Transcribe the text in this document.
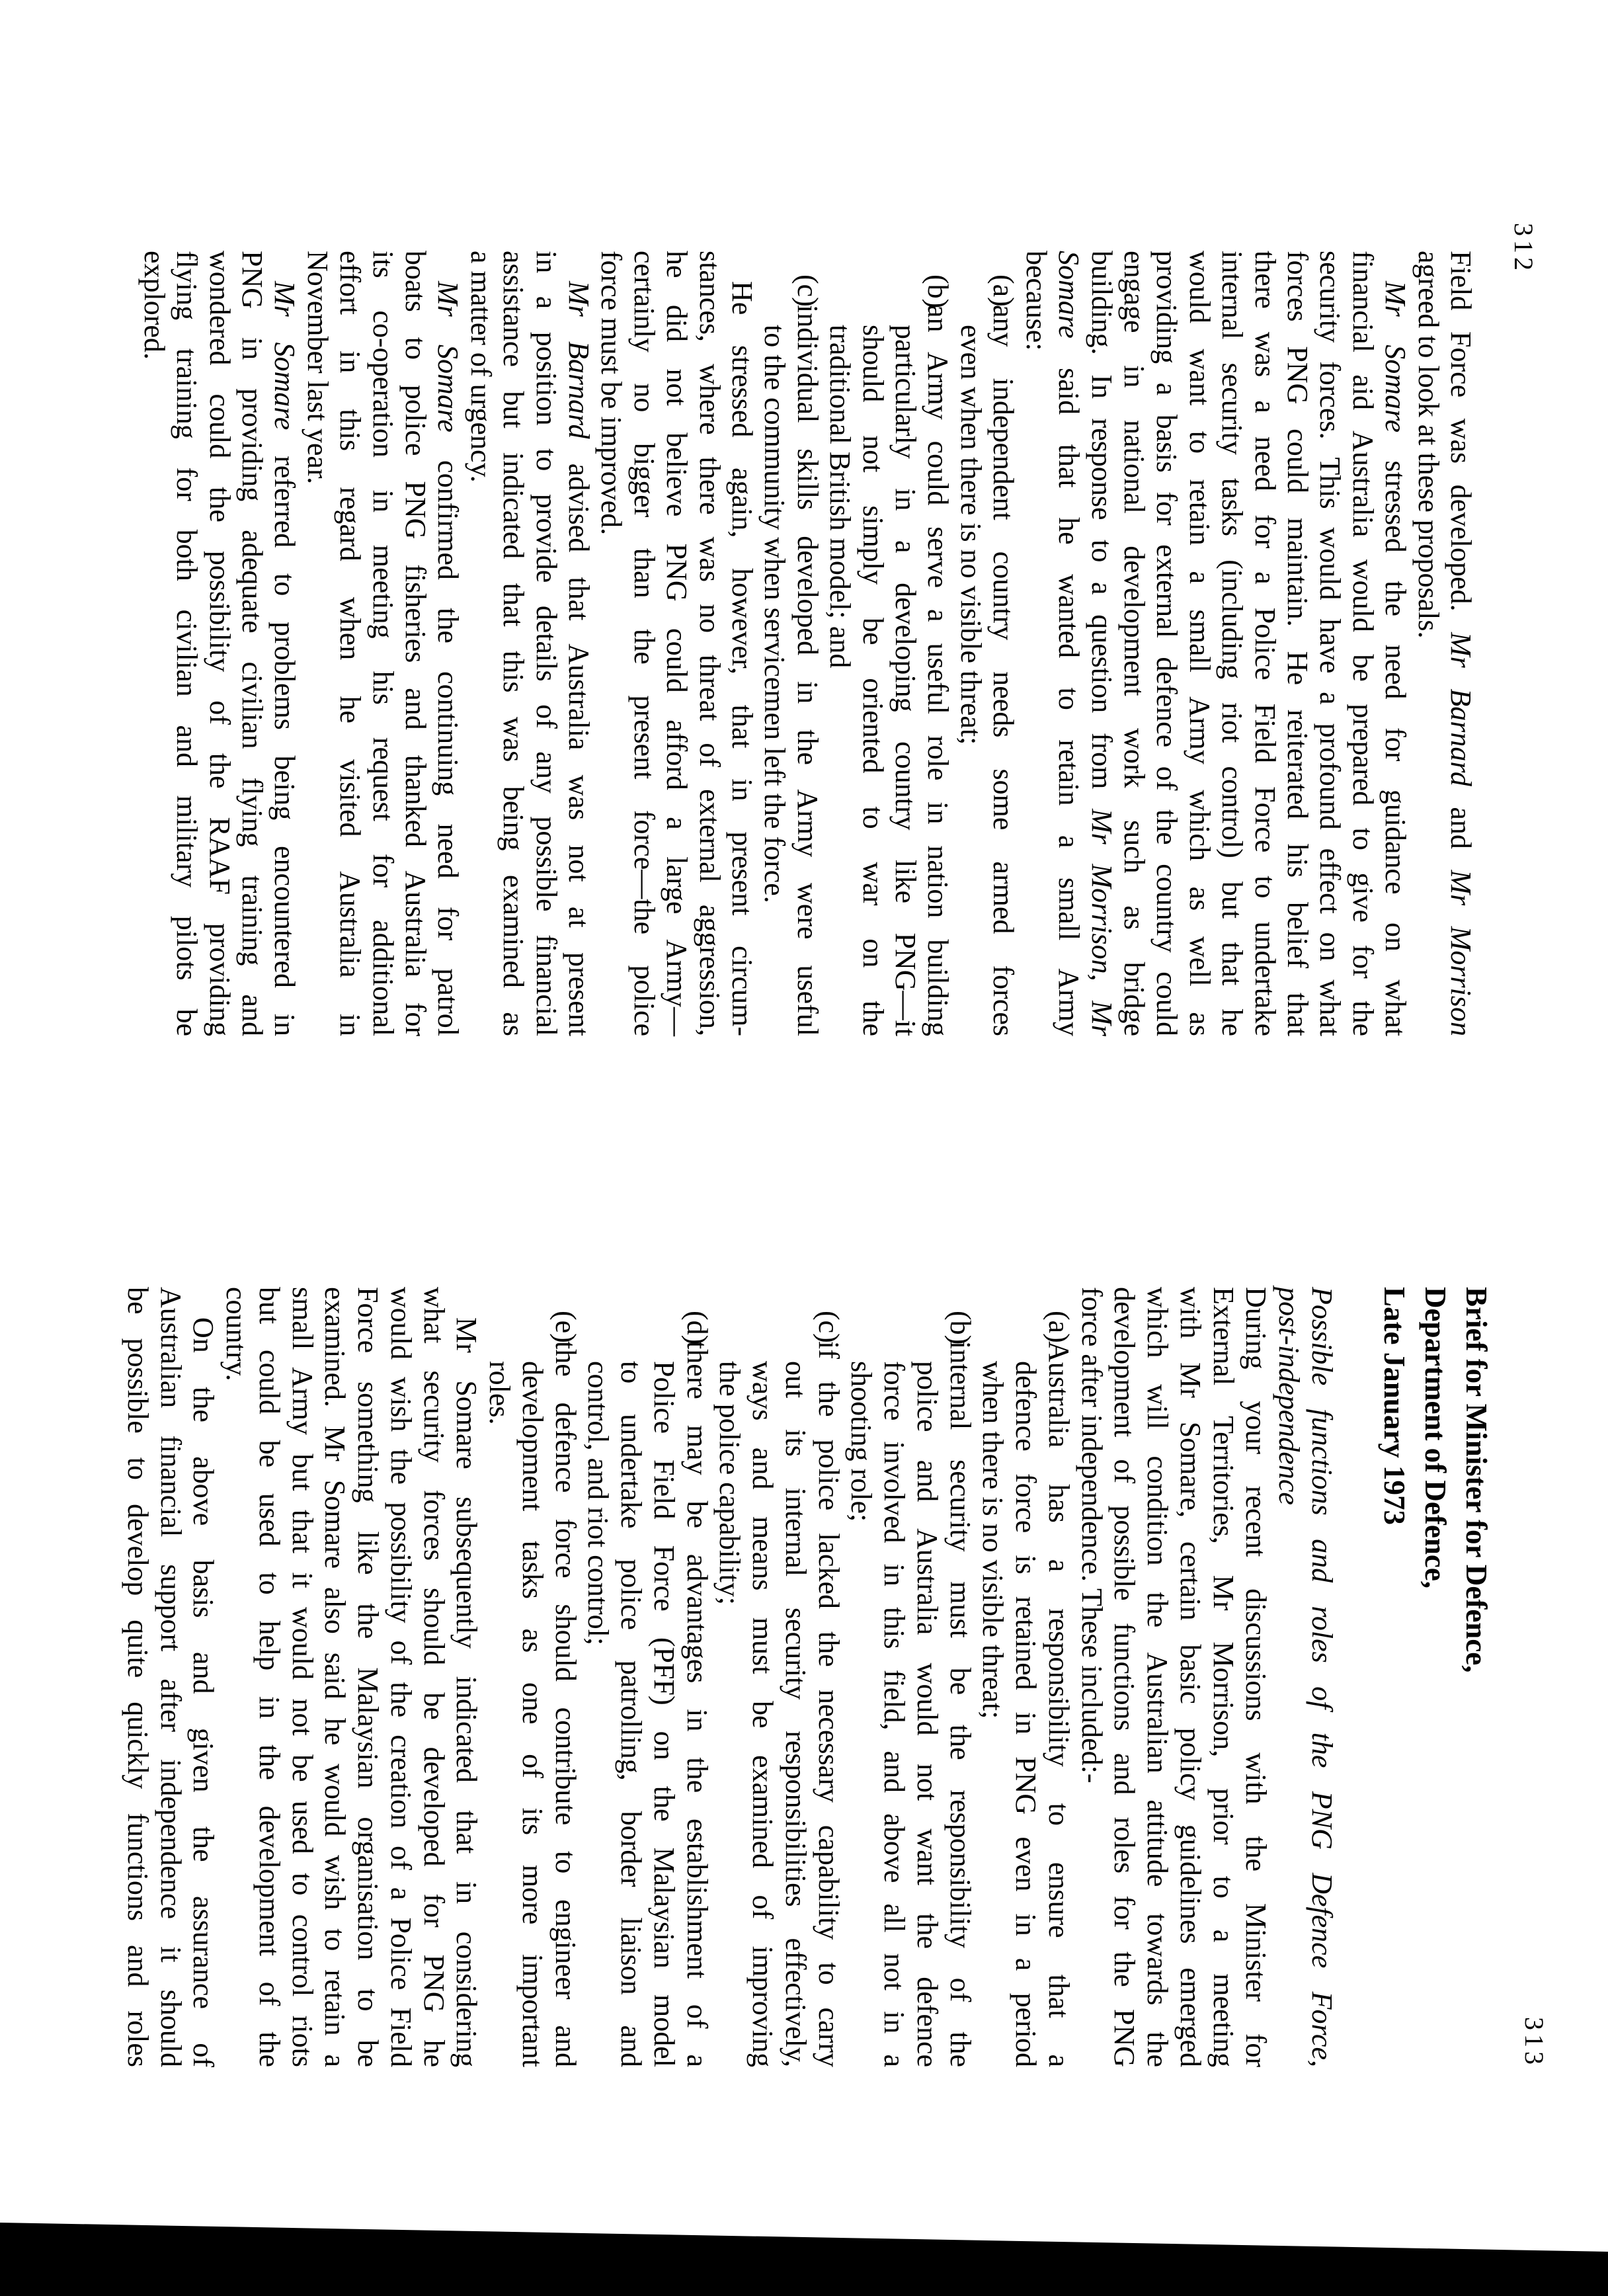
Field Force was developed. Mr Barnard and Mr Morrison
agreed to look at these proposals.
Mr Somare stressed the need for guidance on what
financial aid Australia would be prepared to give for the
security forces. This would have a profound effect on what
forces PNG could maintain. He reiterated his belief that
there was a need for a Police Field Force to undertake
internal security tasks (including riot control) but that he
would want to retain a small Army which as well as
providing a basis for external defence of the country could
engage in national development work such as bridge
building. In response to a question from Mr Morrison, Mr
Somare said that he wanted to retain a small Army
because:
(a)
any independent country needs some armed forces
even when there is no visible threat;
(b)
an Army could serve a useful role in nation building
particularly in a developing country like PNG—it
should not simply be oriented to war on the
traditional British model; and
(c)
individual skills developed in the Army were useful
to the community when servicemen left the force.
He stressed again, however, that in present circum-
stances, where there was no threat of external aggression,
he did not believe PNG could afford a large Army—
certainly no bigger than the present force—the police
force must be improved.
Mr Barnard advised that Australia was not at present
in a position to provide details of any possible financial
assistance but indicated that this was being examined as
a matter of urgency.
Mr Somare confirmed the continuing need for patrol
boats to police PNG fisheries and thanked Australia for
its co-operation in meeting his request for additional
effort in this regard when he visited Australia in
November last year.
Mr Somare referred to problems being encountered in
PNG in providing adequate civilian flying training and
wondered could the possibility of the RAAF providing
flying training for both civilian and military pilots be
explored.
312
Brief for Minister for Defence,
Department of Defence,
Late January 1973
Possible functions and roles of the PNG Defence Force,
post-independence
During your recent discussions with the Minister for
External Territories, Mr Morrison, prior to a meeting
with Mr Somare, certain basic policy guidelines emerged
which will condition the Australian attitude towards the
development of possible functions and roles for the PNG
force after independence. These included:-
(a)
Australia has a responsibility to ensure that a
defence force is retained in PNG even in a period
when there is no visible threat;
(b)
internal security must be the responsibility of the
police and Australia would not want the defence
force involved in this field, and above all not in a
shooting role;
(c)
if the police lacked the necessary capability to carry
out its internal security responsibilities effectively,
ways and means must be examined of improving
the police capability;
(d)
there may be advantages in the establishment of a
Police Field Force (PFF) on the Malaysian model
to undertake police patrolling, border liaison and
control, and riot control;
(e)
the defence force should contribute to engineer and
development tasks as one of its more important
roles.
Mr Somare subsequently indicated that in considering
what security forces should be developed for PNG he
would wish the possibility of the creation of a Police Field
Force something like the Malaysian organisation to be
examined. Mr Somare also said he would wish to retain a
small Army but that it would not be used to control riots
but could be used to help in the development of the
country.
On the above basis and given the assurance of
Australian financial support after independence it should
be possible to develop quite quickly functions and roles	313
